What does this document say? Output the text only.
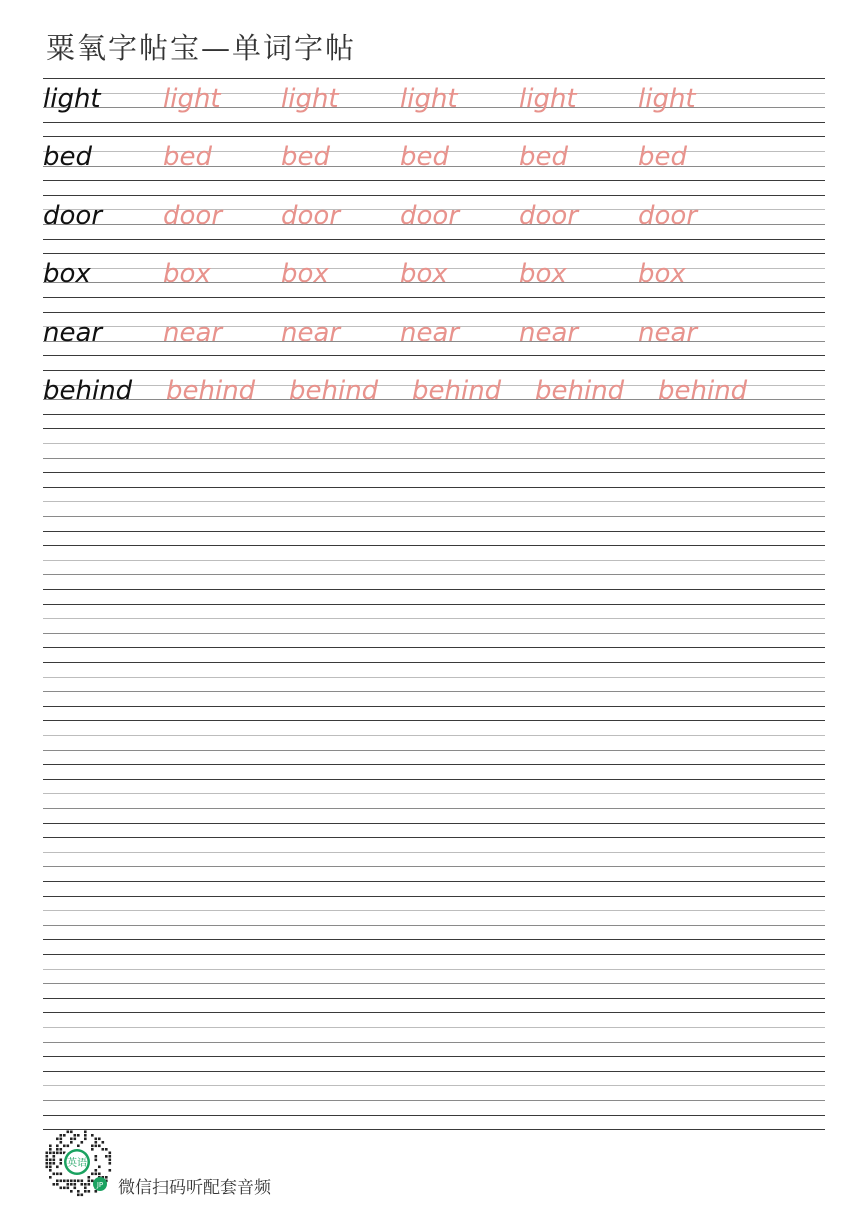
粟氧字帖宝—单词字帖
light light light light light light
bed	bed	bed	bed	bed	bed
door door door door door door
box	box	box	box	box	box
near near near near near near
behind behind behind behind behind behind
英语
JP 微信扫码听配套音频
